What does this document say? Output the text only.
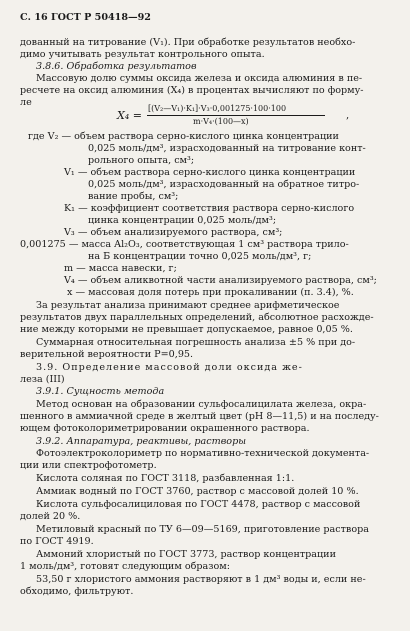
С. 16 ГОСТ Р 50418—92
дованный на титрование (V₁). При обработке результатов необхо-
димо учитывать результат контрольного опыта.
3.8.6. Обработка результатов
Массовую долю суммы оксида железа и оксида алюминия в пе-
ресчете на оксид алюминия (X₄) в процентах вычисляют по форму-
ле
X₄ =
[(V₂—V₁)·K₁]·V₃·0,001275·100·100
m·V₄·(100—x)
,
где V₂ — объем раствора серно-кислого цинка концентрации
0,025 моль/дм³, израсходованный на титрование конт-
рольного опыта, см³;
V₁ — объем раствора серно-кислого цинка концентрации
0,025 моль/дм³, израсходованный на обратное титро-
вание пробы, см³;
K₁ — коэффициент соответствия раствора серно-кислого
цинка концентрации 0,025 моль/дм³;
V₃ — объем анализируемого раствора, см³;
0,001275 — масса Al₂O₃, соответствующая 1 см³ раствора трило-
на Б концентрации точно 0,025 моль/дм³, г;
m — масса навески, г;
V₄ — объем аликвотной части анализируемого раствора, см³;
x — массовая доля потерь при прокаливании (п. 3.4), %.
За результат анализа принимают среднее арифметическое
результатов двух параллельных определений, абсолютное расхожде-
ние между которыми не превышает допускаемое, равное 0,05 %.
Суммарная относительная погрешность анализа ±5 % при до-
верительной вероятности P=0,95.
3.9. Определение массовой доли оксида же-
леза (III)
3.9.1. Сущность метода
Метод основан на образовании сульфосалицилата железа, окра-
шенного в аммиачной среде в желтый цвет (pH 8—11,5) и на последу-
ющем фотоколориметрировании окрашенного раствора.
3.9.2. Аппаратура, реактивы, растворы
Фотоэлектроколориметр по нормативно-технической документа-
ции или спектрофотометр.
Кислота соляная по ГОСТ 3118, разбавленная 1:1.
Аммиак водный по ГОСТ 3760, раствор с массовой долей 10 %.
Кислота сульфосалициловая по ГОСТ 4478, раствор с массовой
долей 20 %.
Метиловый красный по ТУ 6—09—5169, приготовление раствора
по ГОСТ 4919.
Аммоний хлористый по ГОСТ 3773, раствор концентрации
1 моль/дм³, готовят следующим образом:
53,50 г хлористого аммония растворяют в 1 дм³ воды и, если не-
обходимо, фильтруют.
